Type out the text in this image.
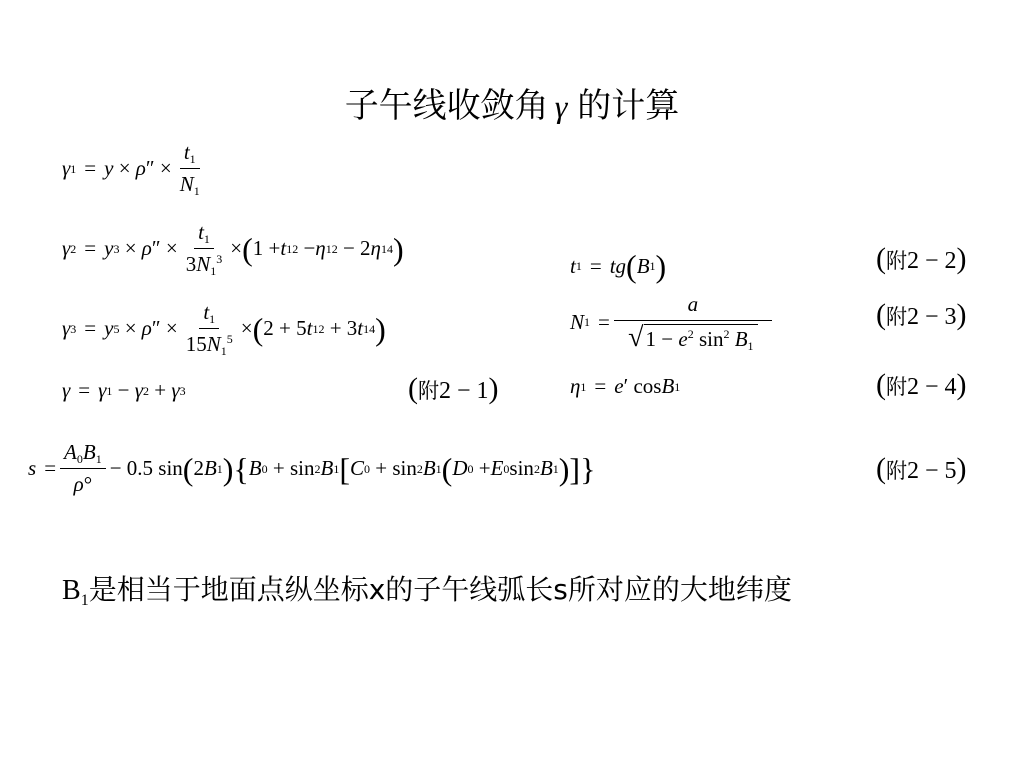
子午线收敛角 γ 的计算
γ 1 = y × ρ ″ × $\frac{t_1}{N_1}$
γ 2 = y 3 × ρ ″ × $\frac{t_1}{3N_1^3}$ × ( 1 + t 1 2 − η 1 2 − 2 η 1 4 )
γ 3 = y 5 × ρ ″ × $\frac{t_1}{15N_1^5}$ × ( 2 + 5 t 1 2 + 3 t 1 4 )
γ = γ 1 − γ 2 + γ 3	(附2 − 1)
t 1 = tg ( B 1 )	(附2 − 2)
N $1 = \frac{a}{√ 1 - e^2 \sin^2 B_1}$	(附2 − 3)
η 1 = e ′ cos B 1	(附2 − 4)
$s = \frac{A_0B_1}{\rho^\circ} - 0.5$ sin ( 2 B 1 ) { B 0 + sin 2 B 1 [ C 0 + sin 2 B 1 ( D 0 + E 0 sin 2 B 1 )]}	(附2 − 5)
$B_1$是相当于地面点纵坐标x的子午线弧长s所对应的大地纬度
